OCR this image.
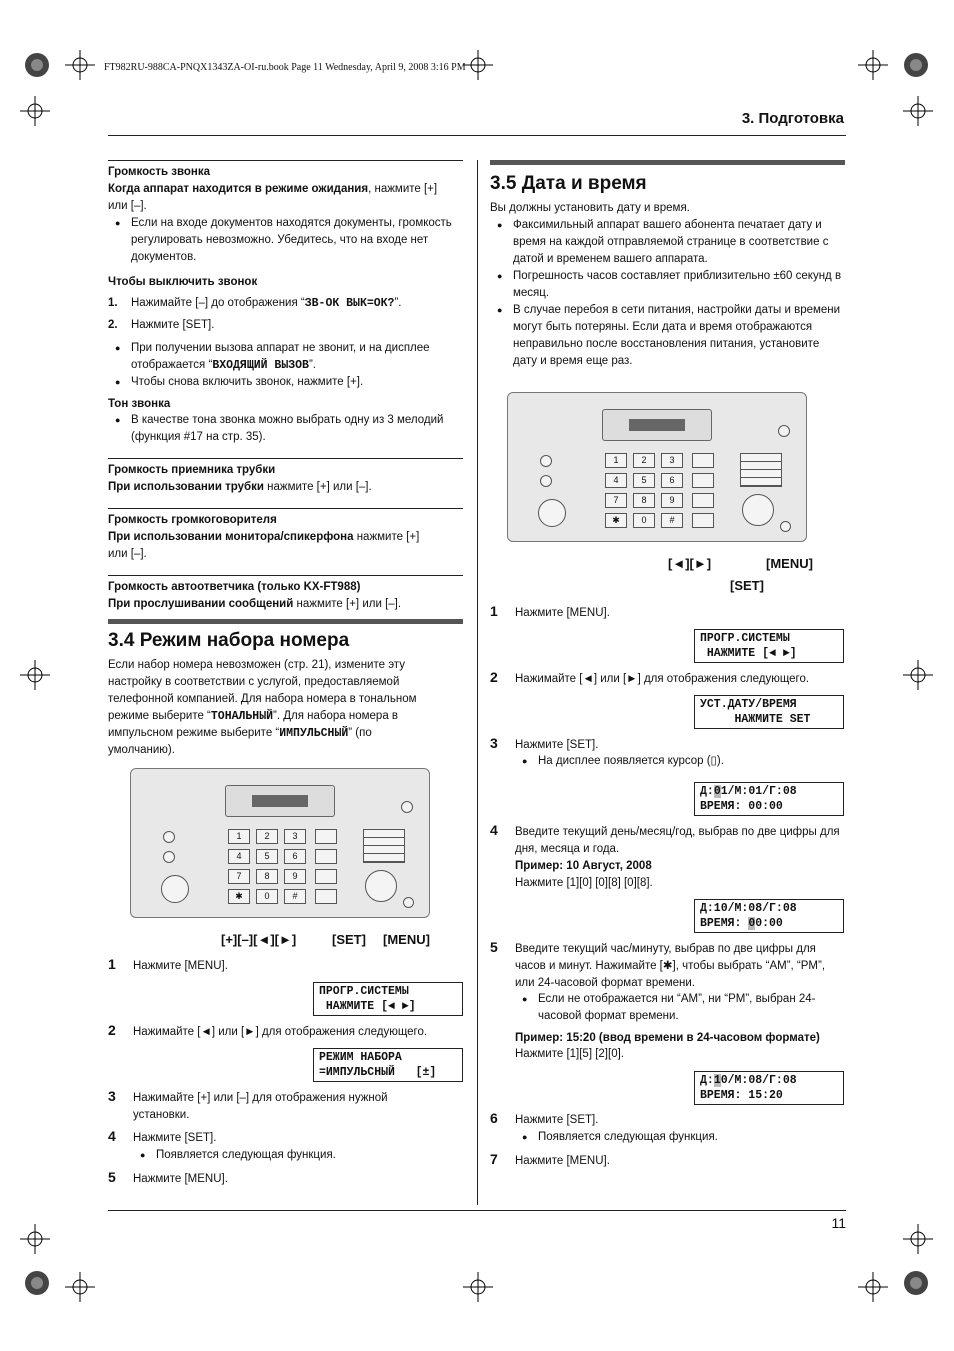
FT982RU-988CA-PNQX1343ZA-OI-ru.book Page 11 Wednesday, April 9, 2008 3:16 PM
3. Подготовка
Громкость звонка
Когда аппарат находится в режиме ожидания, нажмите [+]
или [–].
● Если на входе документов находятся документы, громкость регулировать невозможно. Убедитесь, что на входе нет документов.
Чтобы выключить звонок
1. Нажимайте [–] до отображения “ЗВ-ОК ВЫК=ОК?”.
2. Нажмите [SET].
● При получении вызова аппарат не звонит, и на дисплее отображается “ВХОДЯЩИЙ ВЫЗОВ”.
● Чтобы снова включить звонок, нажмите [+].
Тон звонка
● В качестве тона звонка можно выбрать одну из 3 мелодий (функция #17 на стр. 35).
Громкость приемника трубки
При использовании трубки нажмите [+] или [–].
Громкость громкоговорителя
При использовании монитора/спикерфона нажмите [+]
или [–].
Громкость автоответчика (только KX-FT988)
При прослушивании сообщений нажмите [+] или [–].
3.4 Режим набора номера
Если набор номера невозможен (стр. 21), измените эту настройку в соответствии с услугой, предоставляемой телефонной компанией. Для набора номера в тональном режиме выберите “ТОНАЛЬНЫЙ”. Для набора номера в импульсном режиме выберите “ИМПУЛЬСНЫЙ” (по умолчанию).
1	2	3
4	5	6
7	8	9
✱	0	#
[+][–][◄][►]	[SET] [MENU]
1 Нажмите [MENU].
ПРОГР.СИСТЕМЫ
НАЖМИТЕ [◄ ►]
2 Нажимайте [◄] или [►] для отображения следующего.
РЕЖИМ НАБОРА
=ИМПУЛЬСНЫЙ   [±]
3 Нажимайте [+] или [–] для отображения нужной установки.
4 Нажмите [SET].
● Появляется следующая функция.
5 Нажмите [MENU].
3.5 Дата и время
Вы должны установить дату и время.
● Факсимильный аппарат вашего абонента печатает дату и время на каждой отправляемой странице в соответствие с датой и временем вашего аппарата.
● Погрешность часов составляет приблизительно ±60 секунд в месяц.
● В случае перебоя в сети питания, настройки даты и времени могут быть потеряны. Если дата и время отображаются неправильно после восстановления питания, установите дату и время еще раз.
1	2	3
4	5	6
7	8	9
✱	0	#
[◄][►]	[MENU]
[SET]
1 Нажмите [MENU].
ПРОГР.СИСТЕМЫ
НАЖМИТЕ [◄ ►]
2 Нажимайте [◄] или [►] для отображения следующего.
УСТ.ДАТУ/ВРЕМЯ
НАЖМИТЕ SET
3 Нажмите [SET].
● На дисплее появляется курсор (▯).
Д:01/М:01/Г:08
ВРЕМЯ: 00:00
4 Введите текущий день/месяц/год, выбрав по две цифры для дня, месяца и года.
Пример: 10 Август, 2008
Нажмите [1][0] [0][8] [0][8].
Д:10/М:08/Г:08
ВРЕМЯ: 00:00
5 Введите текущий час/минуту, выбрав по две цифры для часов и минут. Нажимайте [✱], чтобы выбрать “AM”, “PM”, или 24-часовой формат времени.
● Если не отображается ни “AM”, ни “PM”, выбран 24-часовой формат времени.
Пример: 15:20 (ввод времени в 24-часовом формате)
Нажмите [1][5] [2][0].
Д:10/М:08/Г:08
ВРЕМЯ: 15:20
6 Нажмите [SET].
● Появляется следующая функция.
7 Нажмите [MENU].
11
